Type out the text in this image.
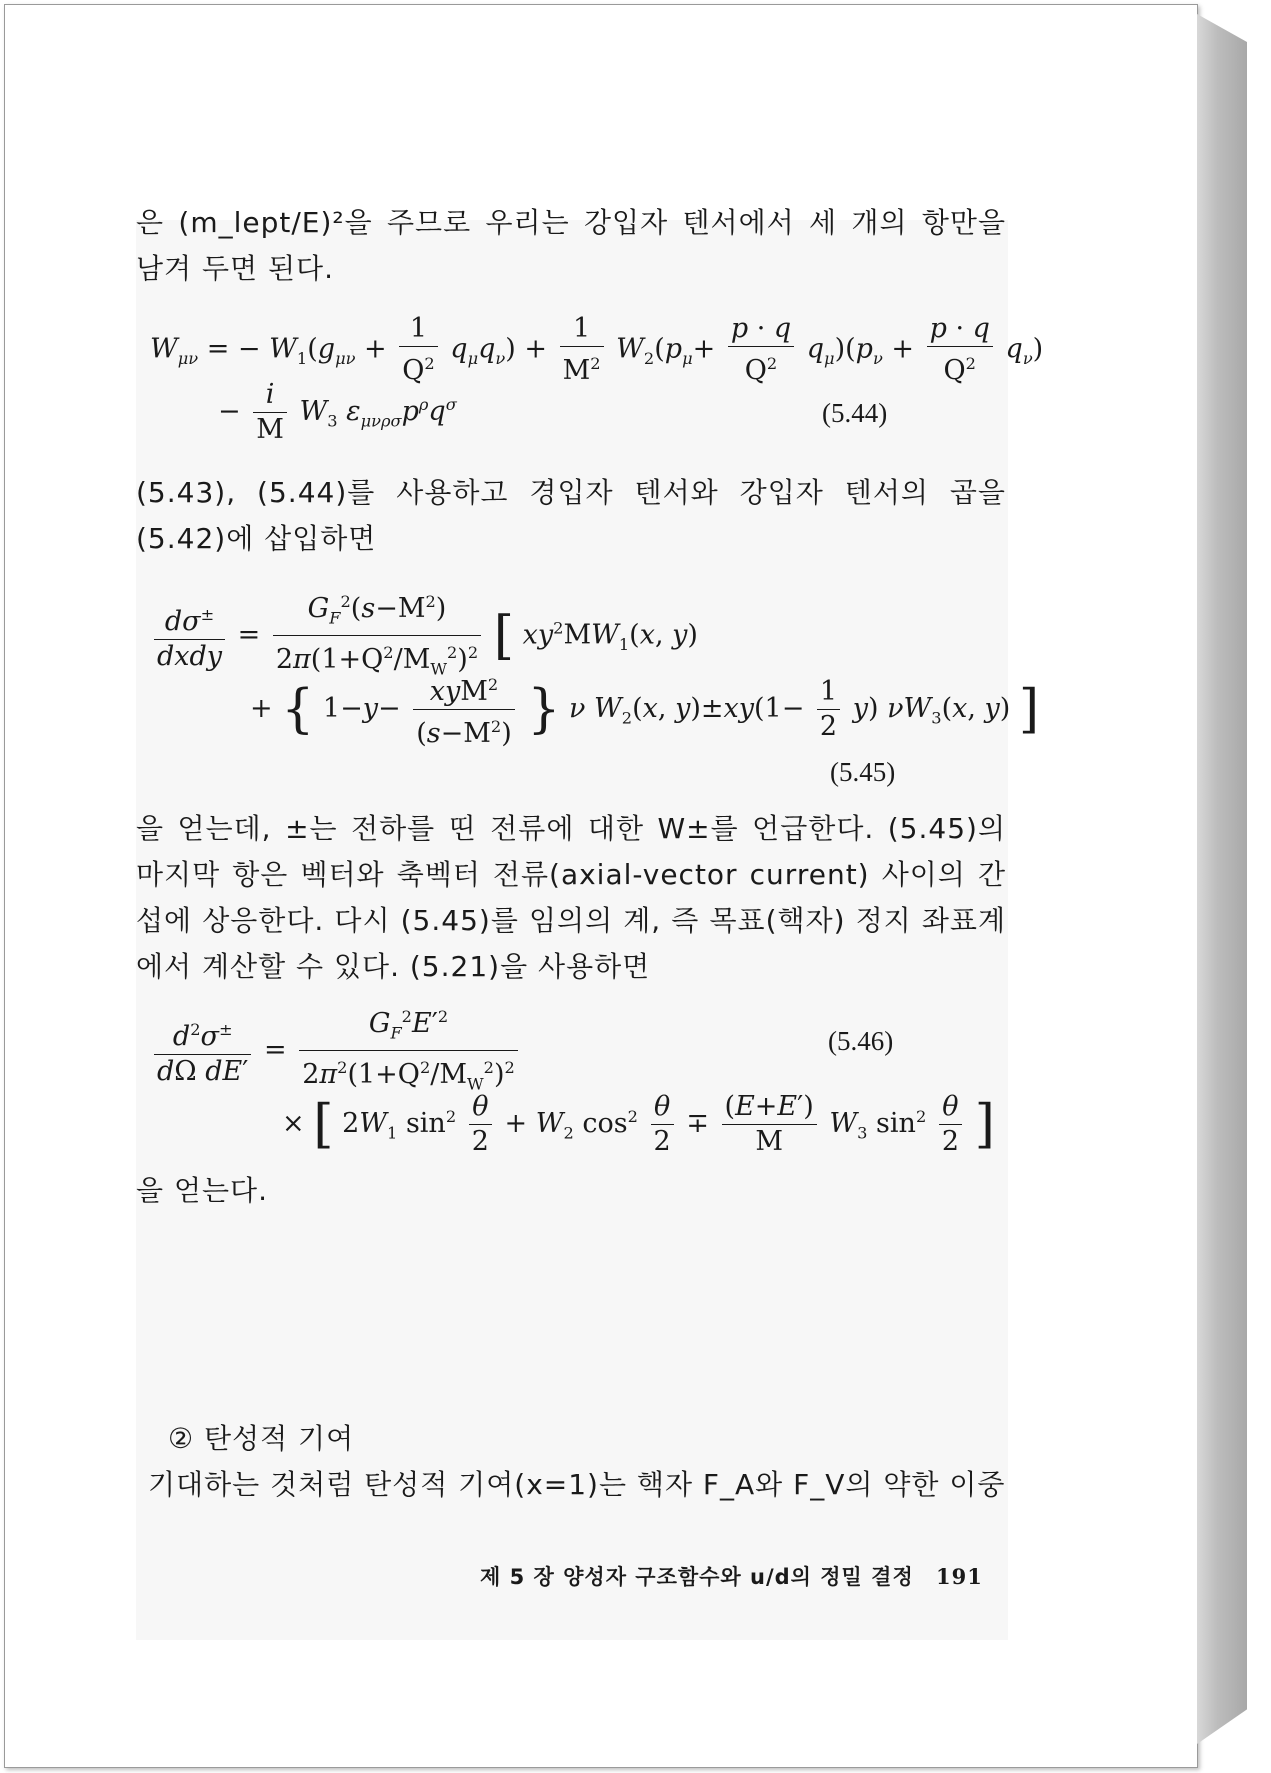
은 (m_lept/E)²을 주므로 우리는 강입자 텐서에서 세 개의 항만을 남겨 두면 된다.
$W_{\mu\nu}$ = − $W_1(g_{\mu\nu} + \frac{1}{Q^2} q_\mu q_\nu) + \frac{1}{M^2} W_2(p_\mu+ \frac{p \cdot q}{Q^2} q_\mu)(p_\nu + \frac{p \cdot q}{Q^2} q_\nu)$
− $\frac{i}{M} W_3$ $\varepsilon_{\mu\nu\rho\sigma}p^\rho q^\sigma$	(5.44)
(5.43), (5.44)를 사용하고 경입자 텐서와 강입자 텐서의 곱을 (5.42)에 삽입하면
$\frac{d\sigma^\pm}{\text{dxdy}} = \frac{G_F^2(s-M^2)}{2\pi(1+Q^2/M_W^2)^2}$ [ $xy^2MW_1(x$, y)
+ { $1-y- \frac{xyM^2}{(s-M^2)}$ } ν $W_2(x$, $y)\pm xy(1- \frac{1}{2} y)$ $\nu W_3(x$, y) ]
(5.45)
을 얻는데, ±는 전하를 띤 전류에 대한 W±를 언급한다. (5.45)의 마지막 항은 벡터와 축벡터 전류(axial-vector current) 사이의 간섭에 상응한다. 다시 (5.45)를 임의의 계, 즉 목표(핵자) 정지 좌표계에서 계산할 수 있다. (5.21)을 사용하면
$\frac{d^2\sigma^\pm}{\text{dΩ dE′}} = \frac{G_F^2E'^2}{2\pi^2(1+Q^2/M_W^2)^2}$	(5.46)
× [ $2W_1$ $\sin^2 \frac{\theta}{2} + W_2$ $\cos^2 \frac{\theta}{2} \mp \frac{(E+E')}{M} W_3$ $\sin^2 \frac{\theta}{2}$ ]
을 얻는다.
② 탄성적 기여
기대하는 것처럼 탄성적 기여(x=1)는 핵자 F_A와 F_V의 약한 이중
제 5 장 양성자 구조함수와 u/d의 정밀 결정 191
